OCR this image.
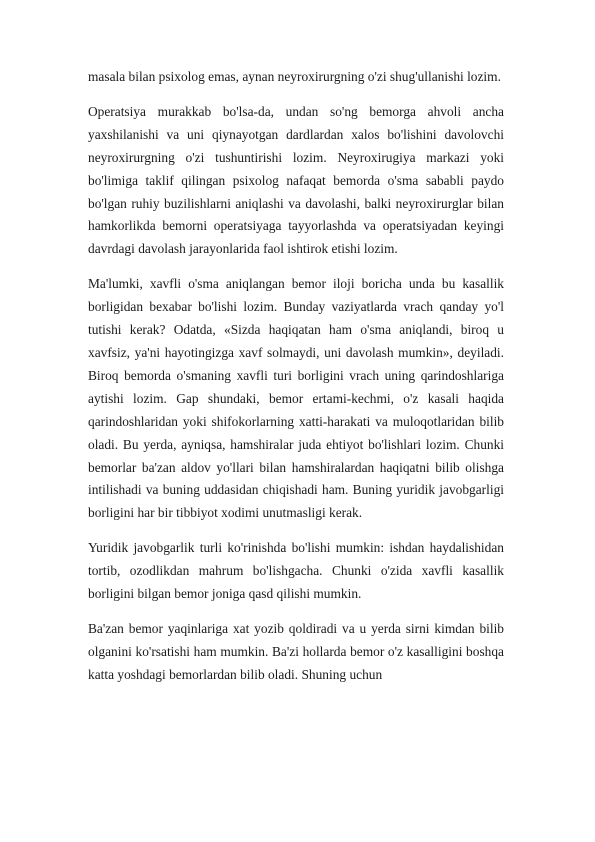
masala bilan psixolog emas, aynan neyroxirurgning o'zi shug'ullanishi lozim.

Operatsiya murakkab bo'lsa-da, undan so'ng bemorga ahvoli ancha yaxshilanishi va uni qiynayotgan dardlardan xalos bo'lishini davolovchi neyroxirurgning o'zi tushuntirishi lozim. Neyroxirugiya markazi yoki bo'limiga taklif qilingan psixolog nafaqat bemorda o'sma sababli paydo bo'lgan ruhiy buzilishlarni aniqlashi va davolashi, balki neyroxirurglar bilan hamkorlikda bemorni operatsiyaga tayyorlashda va operatsiyadan keyingi davrdagi davolash jarayonlarida faol ishtirok etishi lozim.

Ma'lumki, xavfli o'sma aniqlangan bemor iloji boricha unda bu kasallik borligidan bexabar bo'lishi lozim. Bunday vaziyatlarda vrach qanday yo'l tutishi kerak? Odatda, «Sizda haqiqatan ham o'sma aniqlandi, biroq u xavfsiz, ya'ni hayotingizga xavf solmaydi, uni davolash mumkin», deyiladi. Biroq bemorda o'smaning xavfli turi borligini vrach uning qarindoshlariga aytishi lozim. Gap shundaki, bemor ertami-kechmi, o'z kasali haqida qarindoshlaridan yoki shifokorlarning xatti-harakati va muloqotlaridan bilib oladi. Bu yerda, ayniqsa, hamshiralar juda ehtiyot bo'lishlari lozim. Chunki bemorlar ba'zan aldov yo'llari bilan hamshiralardan haqiqatni bilib olishga intilishadi va buning uddasidan chiqishadi ham. Buning yuridik javobgarligi borligini har bir tibbiyot xodimi unutmasligi kerak.

Yuridik javobgarlik turli ko'rinishda bo'lishi mumkin: ishdan haydalishidan tortib, ozodlikdan mahrum bo'lishgacha. Chunki o'zida xavfli kasallik borligini bilgan bemor joniga qasd qilishi mumkin.

Ba'zan bemor yaqinlariga xat yozib qoldiradi va u yerda sirni kimdan bilib olganini ko'rsatishi ham mumkin. Ba'zi hollarda bemor o'z kasalligini boshqa katta yoshdagi bemorlardan bilib oladi. Shuning uchun
